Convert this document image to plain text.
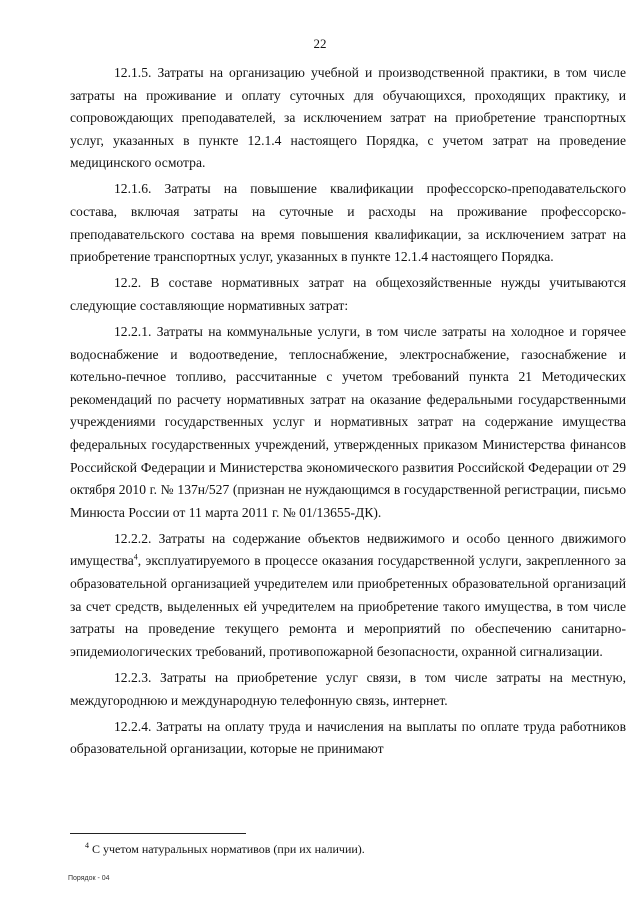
22

12.1.5. Затраты на организацию учебной и производственной практики, в том числе затраты на проживание и оплату суточных для обучающихся, проходящих практику, и сопровождающих преподавателей, за исключением затрат на приобретение транспортных услуг, указанных в пункте 12.1.4 настоящего Порядка, с учетом затрат на проведение медицинского осмотра.

12.1.6. Затраты на повышение квалификации профессорско-преподавательского состава, включая затраты на суточные и расходы на проживание профессорско-преподавательского состава на время повышения квалификации, за исключением затрат на приобретение транспортных услуг, указанных в пункте 12.1.4 настоящего Порядка.

12.2. В составе нормативных затрат на общехозяйственные нужды учитываются следующие составляющие нормативных затрат:

12.2.1. Затраты на коммунальные услуги, в том числе затраты на холодное и горячее водоснабжение и водоотведение, теплоснабжение, электроснабжение, газоснабжение и котельно-печное топливо, рассчитанные с учетом требований пункта 21 Методических рекомендаций по расчету нормативных затрат на оказание федеральными государственными учреждениями государственных услуг и нормативных затрат на содержание имущества федеральных государственных учреждений, утвержденных приказом Министерства финансов Российской Федерации и Министерства экономического развития Российской Федерации от 29 октября 2010 г. № 137н/527 (признан не нуждающимся в государственной регистрации, письмо Минюста России от 11 марта 2011 г. № 01/13655-ДК).

12.2.2. Затраты на содержание объектов недвижимого и особо ценного движимого имущества$^4$, эксплуатируемого в процессе оказания государственной услуги, закрепленного за образовательной организацией учредителем или приобретенных образовательной организаций за счет средств, выделенных ей учредителем на приобретение такого имущества, в том числе затраты на проведение текущего ремонта и мероприятий по обеспечению санитарно-эпидемиологических требований, противопожарной безопасности, охранной сигнализации.

12.2.3. Затраты на приобретение услуг связи, в том числе затраты на местную, междугороднюю и международную телефонную связь, интернет.

12.2.4. Затраты на оплату труда и начисления на выплаты по оплате труда работников образовательной организации, которые не принимают

$^4$ С учетом натуральных нормативов (при их наличии).
Порядок - 04
